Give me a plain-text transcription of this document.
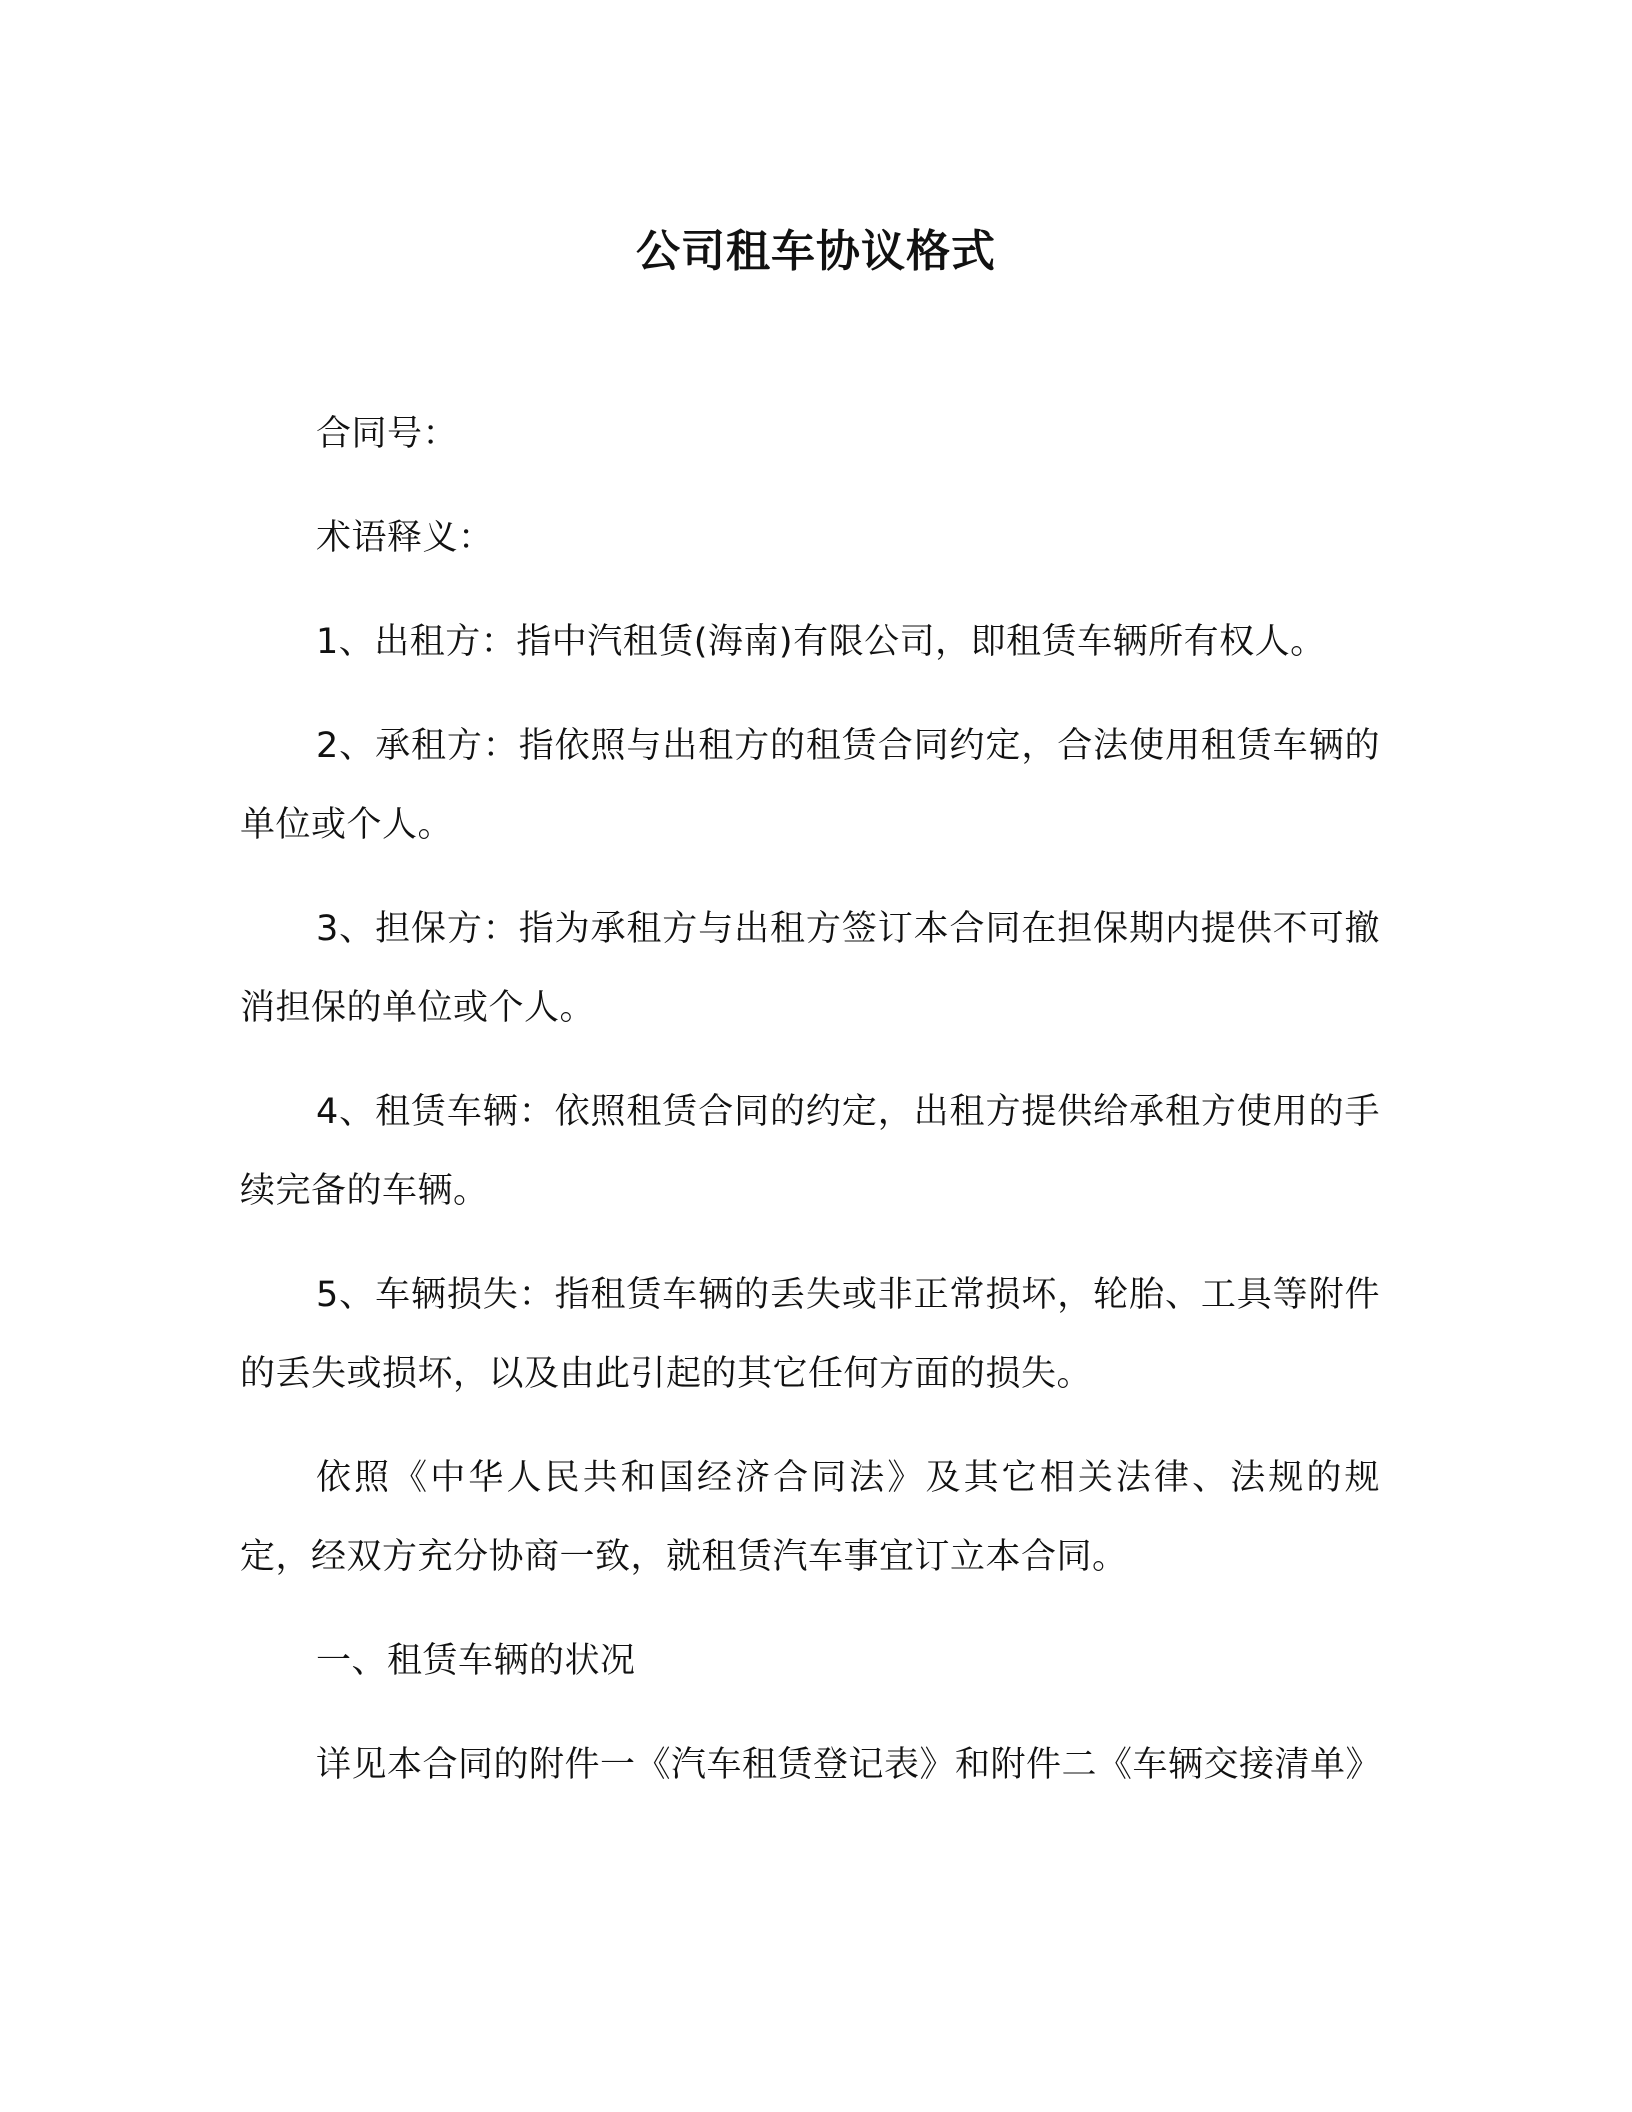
公司租车协议格式

合同号：

术语释义：

1、出租方：指中汽租赁(海南)有限公司，即租赁车辆所有权人。

2、承租方：指依照与出租方的租赁合同约定，合法使用租赁车辆的单位或个人。

3、担保方：指为承租方与出租方签订本合同在担保期内提供不可撤消担保的单位或个人。

4、租赁车辆：依照租赁合同的约定，出租方提供给承租方使用的手续完备的车辆。

5、车辆损失：指租赁车辆的丢失或非正常损坏，轮胎、工具等附件的丢失或损坏，以及由此引起的其它任何方面的损失。

依照《中华人民共和国经济合同法》及其它相关法律、法规的规定，经双方充分协商一致，就租赁汽车事宜订立本合同。

一、租赁车辆的状况

详见本合同的附件一《汽车租赁登记表》和附件二《车辆交接清单》
